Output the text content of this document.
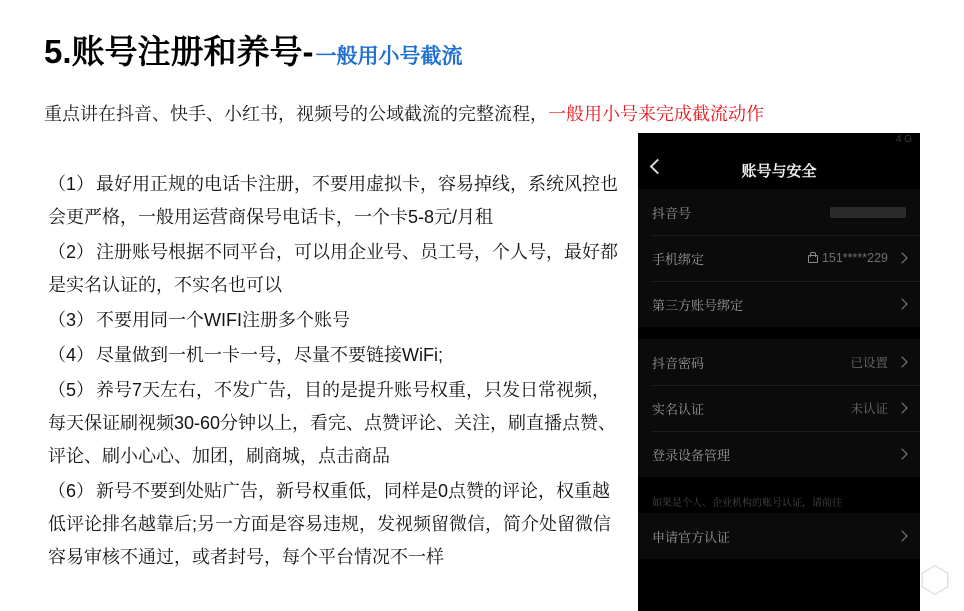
5.账号注册和养号- 一般用小号截流
重点讲在抖音、快手、小红书，视频号的公域截流的完整流程，一般用小号来完成截流动作

（1） 最好用正规的电话卡注册，不要用虚拟卡，容易掉线，系统风控也会更严格，一般用运营商保号电话卡，一个卡5-8元/月租

（2） 注册账号根据不同平台，可以用企业号、员工号，个人号，最好都是实名认证的，不实名也可以

（3） 不要用同一个WIFI注册多个账号

（4） 尽量做到一机一卡一号，尽量不要链接WiFi;

（5） 养号7天左右，不发广告，目的是提升账号权重，只发日常视频，每天保证刷视频30-60分钟以上，看完、点赞评论、关注，刷直播点赞、评论、刷小心心、加团，刷商城，点击商品

（6） 新号不要到处贴广告，新号权重低，同样是0点赞的评论，权重越低评论排名越靠后;另一方面是容易违规，发视频留微信，简介处留微信容易审核不通过，或者封号，每个平台情况不一样

4 G
账号与安全
抖音号
手机绑定	151*****229
第三方账号绑定
抖音密码	已设置
实名认证	未认证
登录设备管理
如果是个人、企业机构的账号认证，请前往
申请官方认证
